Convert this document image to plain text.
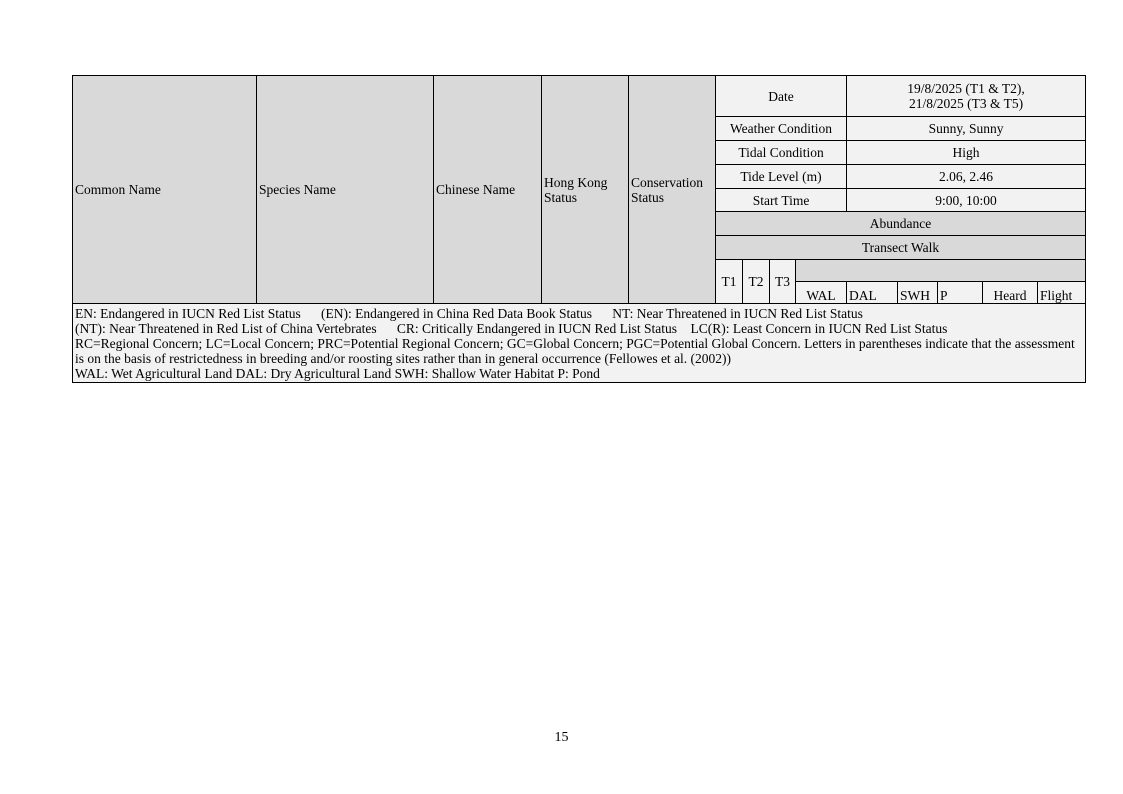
Common Name	Species Name	Chinese Name	Hong Kong Status	Conservation Status	Date				19/8/2025 (T1 & T2),
21/8/2025 (T3 & T5)				

					Weather Condition				Sunny, Sunny				
					Tidal Condition				High				
					Tide Level (m)				2.06, 2.46				
					Start Time				9:00, 10:00				
					Abundance								
					Transect Walk								
					T1	T2	T3						
								WAL	DAL	SWH	P	Heard	Flight

EN: Endangered in IUCN Red List Status      (EN): Endangered in China Red Data Book Status      NT: Near Threatened in IUCN Red List Status
(NT): Near Threatened in Red List of China Vertebrates      CR: Critically Endangered in IUCN Red List Status    LC(R): Least Concern in IUCN Red List Status
RC=Regional Concern; LC=Local Concern; PRC=Potential Regional Concern; GC=Global Concern; PGC=Potential Global Concern. Letters in parentheses indicate that the assessment is on the basis of restrictedness in breeding and/or roosting sites rather than in general occurrence (Fellowes et al. (2002))
WAL: Wet Agricultural Land DAL: Dry Agricultural Land SWH: Shallow Water Habitat P: Pond													
15
